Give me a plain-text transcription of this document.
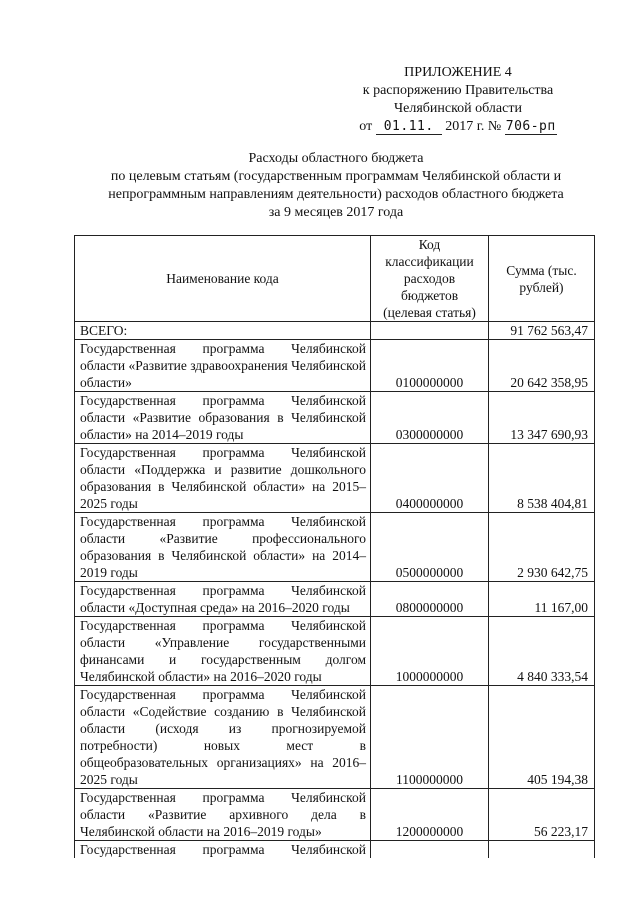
ПРИЛОЖЕНИЕ 4
к распоряжению Правительства
Челябинской области
от 01.11. 2017 г. № 706-рп
Расходы областного бюджета
по целевым статьям (государственным программам Челябинской области и
непрограммным направлениям деятельности) расходов областного бюджета
за 9 месяцев 2017 года
Наименование кода	Код классификации расходов бюджетов (целевая статья)	Сумма (тыс. рублей)
ВСЕГО:		91 762 563,47
Государственная программа Челябинской области «Развитие здравоохранения Челябинской области»	0100000000	20 642 358,95
Государственная программа Челябинской области «Развитие образования в Челябинской области» на 2014–2019 годы	0300000000	13 347 690,93
Государственная программа Челябинской области «Поддержка и развитие дошкольного образования в Челябинской области» на 2015–2025 годы	0400000000	8 538 404,81
Государственная программа Челябинской области «Развитие профессионального образования в Челябинской области» на 2014–2019 годы	0500000000	2 930 642,75
Государственная программа Челябинской области «Доступная среда» на 2016–2020 годы	0800000000	11 167,00
Государственная программа Челябинской области «Управление государственными финансами и государственным долгом Челябинской области» на 2016–2020 годы	1000000000	4 840 333,54
Государственная программа Челябинской области «Содействие созданию в Челябинской области (исходя из прогнозируемой потребности) новых мест в общеобразовательных организациях» на 2016–2025 годы	1100000000	405 194,38
Государственная программа Челябинской области «Развитие архивного дела в Челябинской области на 2016–2019 годы»	1200000000	56 223,17
Государственная программа Челябинской		
